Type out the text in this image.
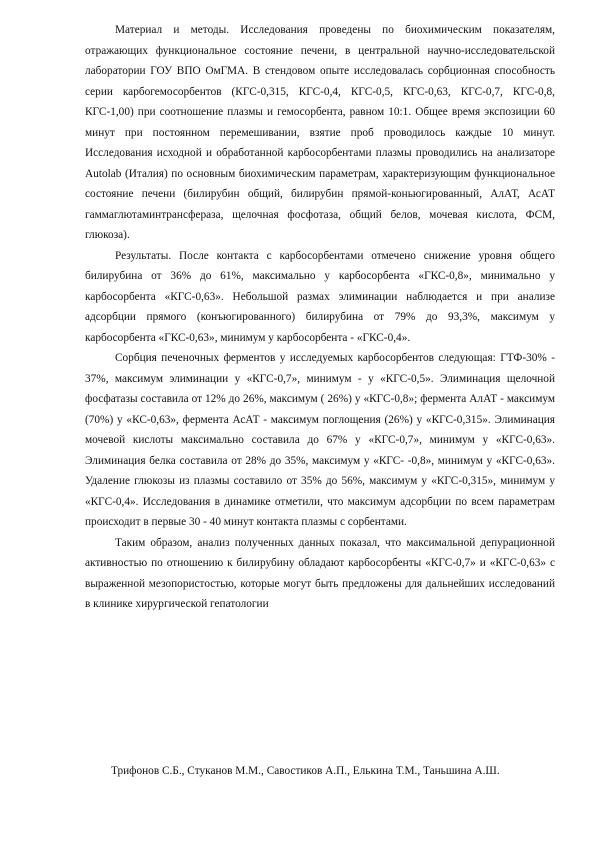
Материал и методы. Исследования проведены по биохимическим показателям, отражающих функциональное состояние печени, в центральной научно-исследовательской лаборатории ГОУ ВПО ОмГМА. В стендовом опыте исследовалась сорбционная способность серии карбогемосорбентов (КГС-0,315, КГС-0,4, КГС-0,5, КГС-0,63, КГС-0,7, КГС-0,8, КГС-1,00) при соотношение плазмы и гемосорбента, равном 10:1. Общее время экспозиции 60 минут при постоянном перемешивании, взятие проб проводилось каждые 10 минут. Исследования исходной и обработанной карбосорбентами плазмы проводились на анализаторе Autolab (Италия) по основным биохимическим параметрам, характеризующим функциональное состояние печени (билирубин общий, билирубин прямой-коньюгированный, АлАТ, АсАТ гаммаглютаминтрансфераза, щелочная фосфотаза, общий белов, мочевая кислота, ФСМ, глюкоза).

Результаты. После контакта с карбосорбентами отмечено снижение уровня общего билирубина от 36% до 61%, максимально у карбосорбента «ГКС-0,8», минимально у карбосорбента «КГС-0,63». Небольшой размах элиминации наблюдается и при анализе адсорбции прямого (конъюгированного) билирубина от 79% до 93,3%, максимум у карбосорбента «ГКС-0,63», минимум у карбосорбента - «ГКС-0,4».

Сорбция печеночных ферментов у исследуемых карбосорбентов следующая: ГТФ-30% - 37%, максимум элиминации у «КГС-0,7», минимум - у «КГС-0,5». Элиминация щелочной фосфатазы составила от 12% до 26%, максимум ( 26%) у «КГС-0,8»; фермента АлАТ - максимум (70%) у «КС-0,63», фермента АсАТ - максимум поглощения (26%) у «КГС-0,315». Элиминация мочевой кислоты максимально составила до 67% у «КГС-0,7», минимум у «КГС-0,63». Элиминация белка составила от 28% до 35%, максимум у «КГС- -0,8», минимум у «КГС-0,63». Удаление глюкозы из плазмы составило от 35% до 56%, максимум у «КГС-0,315», минимум у «КГС-0,4». Исследования в динамике отметили, что максимум адсорбции по всем параметрам происходит в первые 30 - 40 минут контакта плазмы с сорбентами.

Таким образом, анализ полученных данных показал, что максимальной депурационной активностью по отношению к билирубину обладают карбосорбенты «КГС-0,7» и «КГС-0,63» с выраженной мезопористостью, которые могут быть предложены для дальнейших исследований в клинике хирургической гепатологии

Трифонов С.Б., Стуканов М.М., Савостиков А.П., Елькина Т.М., Таньшина А.Ш.
